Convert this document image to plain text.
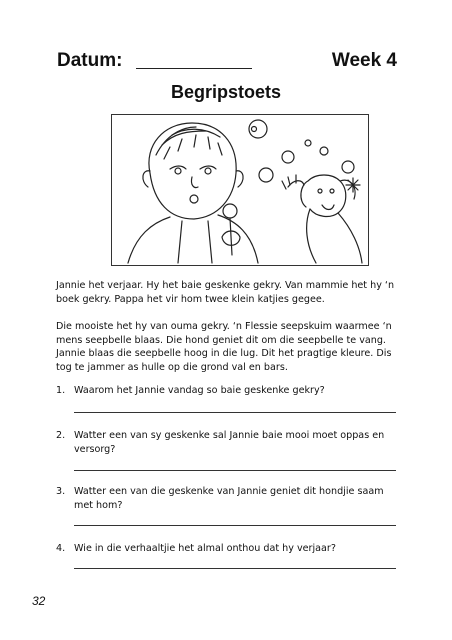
Datum:	Week 4
Begripstoets

Jannie het verjaar. Hy het baie geskenke gekry. Van mammie het hy ‘n boek gekry. Pappa het vir hom twee klein katjies gegee.

Die mooiste het hy van ouma gekry. ‘n Flessie seepskuim waarmee ‘n mens seepbelle blaas. Die hond geniet dit om die seepbelle te vang. Jannie blaas die seepbelle hoog in die lug. Dit het pragtige kleure. Dis tog te jammer as hulle op die grond val en bars.

1. Waarom het Jannie vandag so baie geskenke gekry?
2. Watter een van sy geskenke sal Jannie baie mooi moet oppas en versorg?
3. Watter een van die geskenke van Jannie geniet dit hondjie saam met hom?
4. Wie in die verhaaltjie het almal onthou dat hy verjaar?
32
